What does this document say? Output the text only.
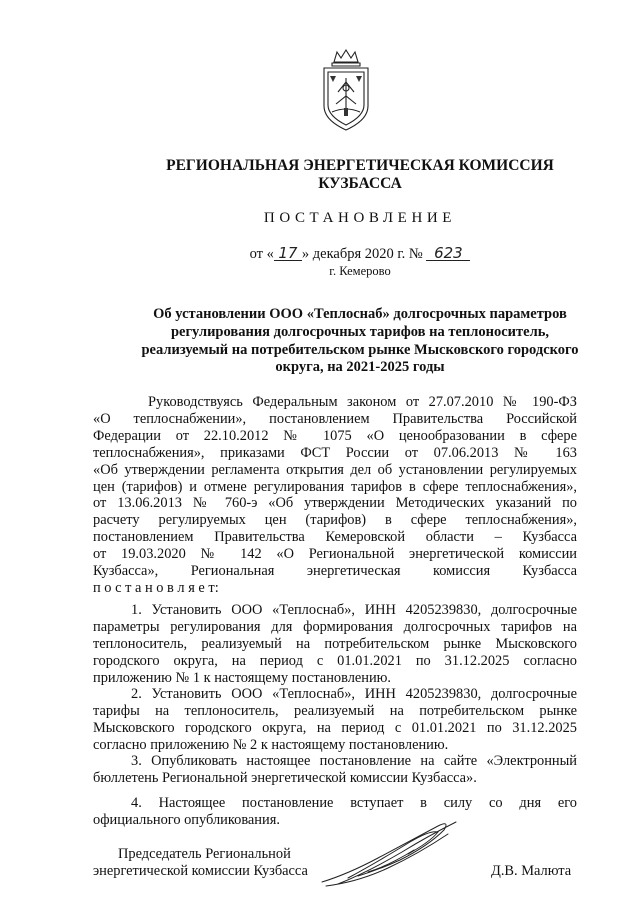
РЕГИОНАЛЬНАЯ ЭНЕРГЕТИЧЕСКАЯ КОМИССИЯ
КУЗБАССА
ПОСТАНОВЛЕНИЕ
от « 17 » декабря 2020 г. № 623
г. Кемерово
Об установлении ООО «Теплоснаб» долгосрочных параметров регулирования долгосрочных тарифов на теплоноситель, реализуемый на потребительском рынке Мысковского городского округа, на 2021-2025 годы
Руководствуясь Федеральным законом от 27.07.2010 № 190-ФЗ
«О теплоснабжении», постановлением Правительства Российской
Федерации от 22.10.2012 № 1075 «О ценообразовании в сфере
теплоснабжения», приказами ФСТ России от 07.06.2013 № 163
«Об утверждении регламента открытия дел об установлении регулируемых
цен (тарифов) и отмене регулирования тарифов в сфере теплоснабжения»,
от 13.06.2013 № 760-э «Об утверждении Методических указаний по
расчету регулируемых цен (тарифов) в сфере теплоснабжения»,
постановлением Правительства Кемеровской области – Кузбасса
от 19.03.2020 № 142 «О Региональной энергетической комиссии
Кузбасса», Региональная энергетическая комиссия Кузбасса
п о с т а н о в л я е т:
1. Установить ООО «Теплоснаб», ИНН 4205239830, долгосрочные
параметры регулирования для формирования долгосрочных тарифов на
теплоноситель, реализуемый на потребительском рынке Мысковского
городского округа, на период с 01.01.2021 по 31.12.2025 согласно
приложению № 1 к настоящему постановлению.
2. Установить ООО «Теплоснаб», ИНН 4205239830, долгосрочные
тарифы на теплоноситель, реализуемый на потребительском рынке
Мысковского городского округа, на период с 01.01.2021 по 31.12.2025
согласно приложению № 2 к настоящему постановлению.
3. Опубликовать настоящее постановление на сайте «Электронный
бюллетень Региональной энергетической комиссии Кузбасса».
4. Настоящее постановление вступает в силу со дня его
официального опубликования.
Председатель Региональной
энергетической комиссии Кузбасса	Д.В. Малюта
